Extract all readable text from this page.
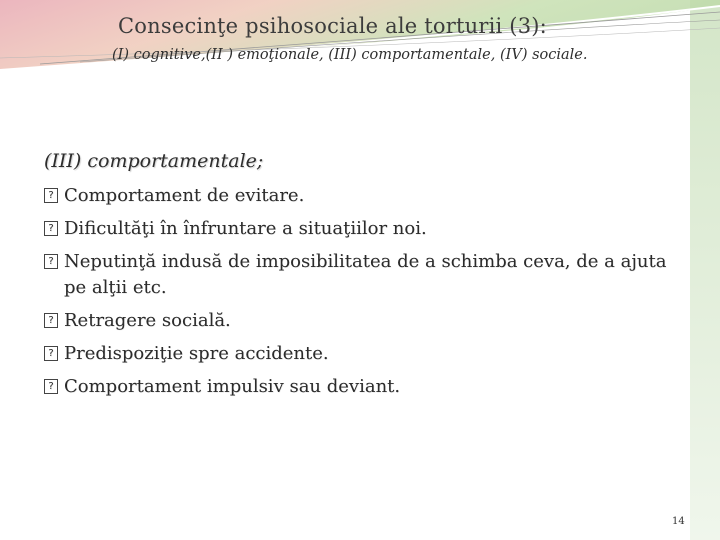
Consecinţe psihosociale ale torturii (3):
(I) cognitive,(II ) emoţionale, (III) comportamentale, (IV) sociale.
(III) comportamentale;
? Comportament de evitare.
? Dificultăţi în înfruntare a situaţiilor noi.
? Neputinţă indusă de imposibilitatea de a schimba ceva, de a ajuta pe alţii etc.
? Retragere socială.
? Predispoziţie spre accidente.
? Comportament impulsiv sau deviant.
14
